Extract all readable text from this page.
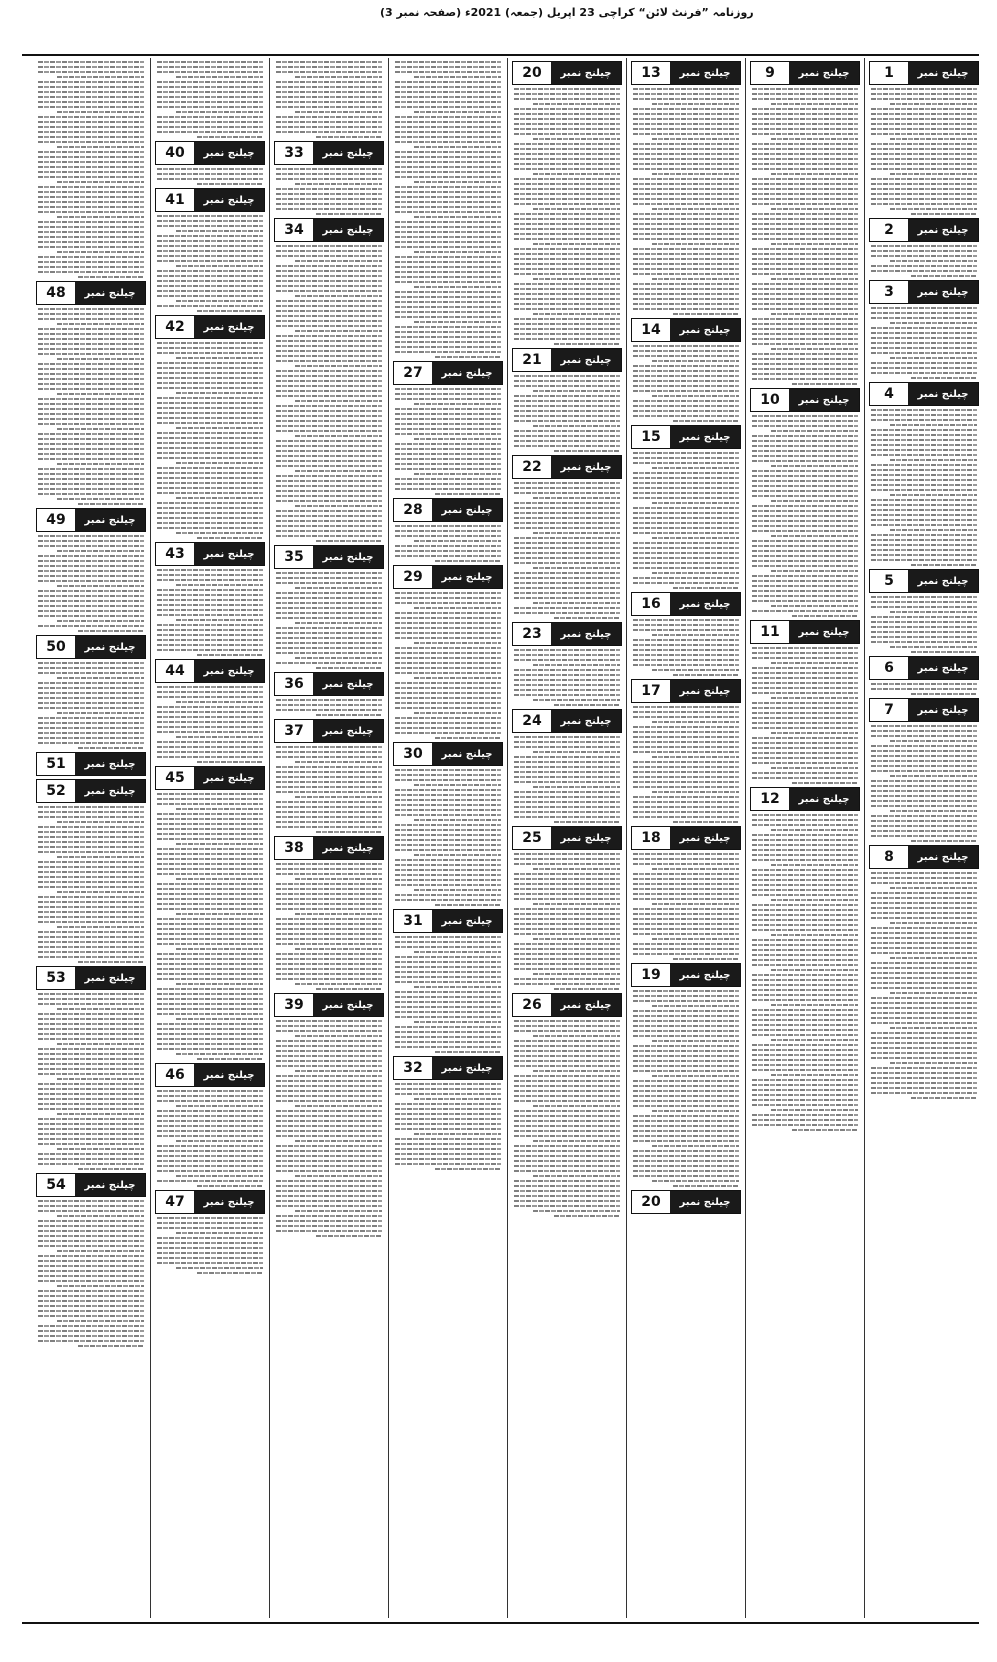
روزنامہ ”فرنٹ لائن“ کراچی 23 اپریل (جمعہ) 2021ء (صفحہ نمبر 3)
1	چیلنج نمبر
2	چیلنج نمبر
3	چیلنج نمبر
4	چیلنج نمبر
5	چیلنج نمبر
6	چیلنج نمبر
7	چیلنج نمبر
8	چیلنج نمبر
9	چیلنج نمبر
10	چیلنج نمبر
11	چیلنج نمبر
12	چیلنج نمبر
13	چیلنج نمبر
14	چیلنج نمبر
15	چیلنج نمبر
16	چیلنج نمبر
17	چیلنج نمبر
18	چیلنج نمبر
19	چیلنج نمبر
20	چیلنج نمبر
20	چیلنج نمبر
21	چیلنج نمبر
22	چیلنج نمبر
23	چیلنج نمبر
24	چیلنج نمبر
25	چیلنج نمبر
26	چیلنج نمبر
27	چیلنج نمبر
28	چیلنج نمبر
29	چیلنج نمبر
30	چیلنج نمبر
31	چیلنج نمبر
32	چیلنج نمبر
33	چیلنج نمبر
34	چیلنج نمبر
35	چیلنج نمبر
36	چیلنج نمبر
37	چیلنج نمبر
38	چیلنج نمبر
39	چیلنج نمبر
40	چیلنج نمبر
41	چیلنج نمبر
42	چیلنج نمبر
43	چیلنج نمبر
44	چیلنج نمبر
45	چیلنج نمبر
46	چیلنج نمبر
47	چیلنج نمبر
48	چیلنج نمبر
49	چیلنج نمبر
50	چیلنج نمبر
51	چیلنج نمبر
52	چیلنج نمبر
53	چیلنج نمبر
54	چیلنج نمبر
